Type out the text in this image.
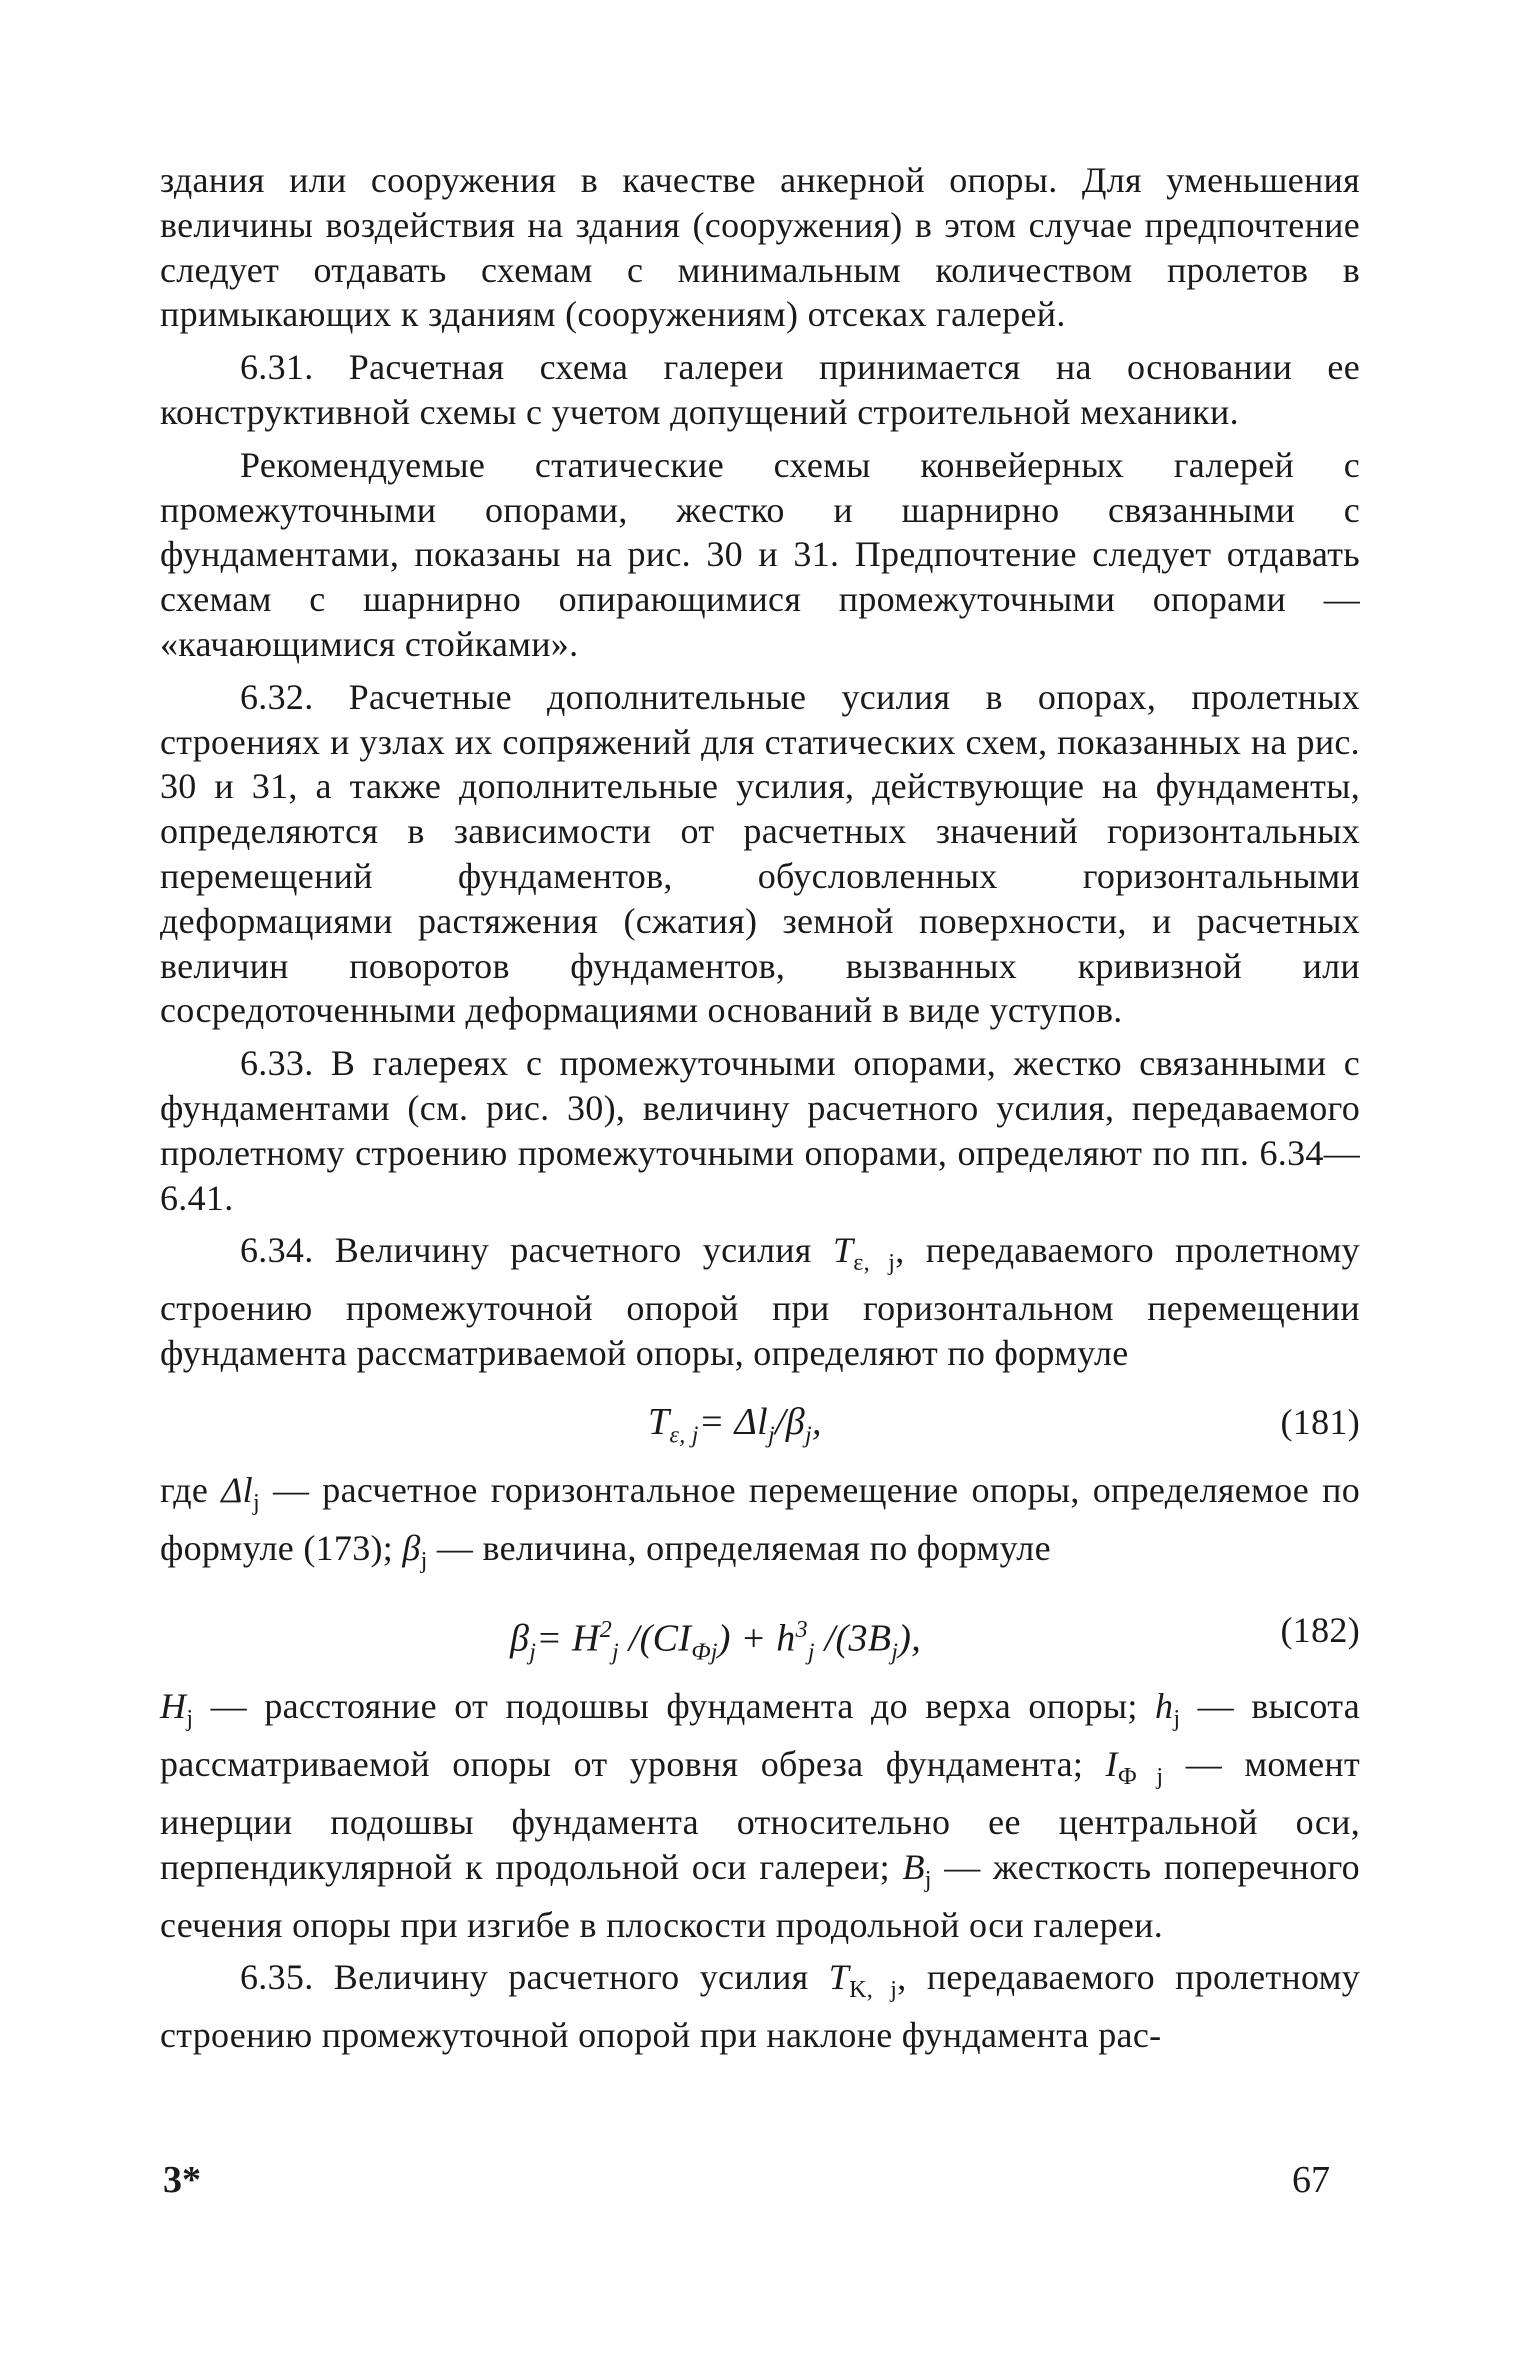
здания или сооружения в качестве анкерной опоры. Для уменьшения величины воздействия на здания (сооружения) в этом случае предпочтение следует отдавать схемам с минимальным количеством пролетов в примыкающих к зданиям (сооружениям) отсеках галерей.

6.31. Расчетная схема галереи принимается на основании ее конструктивной схемы с учетом допущений строительной механики.

Рекомендуемые статические схемы конвейерных галерей с промежуточными опорами, жестко и шарнирно связанными с фундаментами, показаны на рис. 30 и 31. Предпочтение следует отдавать схемам с шарнирно опирающимися промежуточными опорами — «качающимися стойками».

6.32. Расчетные дополнительные усилия в опорах, пролетных строениях и узлах их сопряжений для статических схем, показанных на рис. 30 и 31, а также дополнительные усилия, действующие на фундаменты, определяются в зависимости от расчетных значений горизонтальных перемещений фундаментов, обусловленных горизонтальными деформациями растяжения (сжатия) земной поверхности, и расчетных величин поворотов фундаментов, вызванных кривизной или сосредоточенными деформациями оснований в виде уступов.

6.33. В галереях с промежуточными опорами, жестко связанными с фундаментами (см. рис. 30), величину расчетного усилия, передаваемого пролетному строению промежуточными опорами, определяют по пп. 6.34—6.41.

6.34. Величину расчетного усилия $T_{\varepsilon, j}$, передаваемого пролетному строению промежуточной опорой при горизонтальном перемещении фундамента рассматриваемой опоры, определяют по формуле

$T_{\varepsilon, j}= \Delta l_j/\beta_j$,	(181)

где $\Delta l_j$ — расчетное горизонтальное перемещение опоры, определяемое по формуле (173); $\beta_j$ — величина, определяемая по формуле

$\beta_j= H^2_j$ $/(CI_{Фj}) + h^3_j$ $/(3B_j)$,	(182)

$H_j$ — расстояние от подошвы фундамента до верха опоры; $h_j$ — высота рассматриваемой опоры от уровня обреза фундамента; $I_{Ф j}$ — момент инерции подошвы фундамента относительно ее центральной оси, перпендикулярной к продольной оси галереи; $B_j$ — жесткость поперечного сечения опоры при изгибе в плоскости продольной оси галереи.

6.35. Величину расчетного усилия $T_{K, j}$, передаваемого пролетному строению промежуточной опорой при наклоне фундамента рас-

3*	67
